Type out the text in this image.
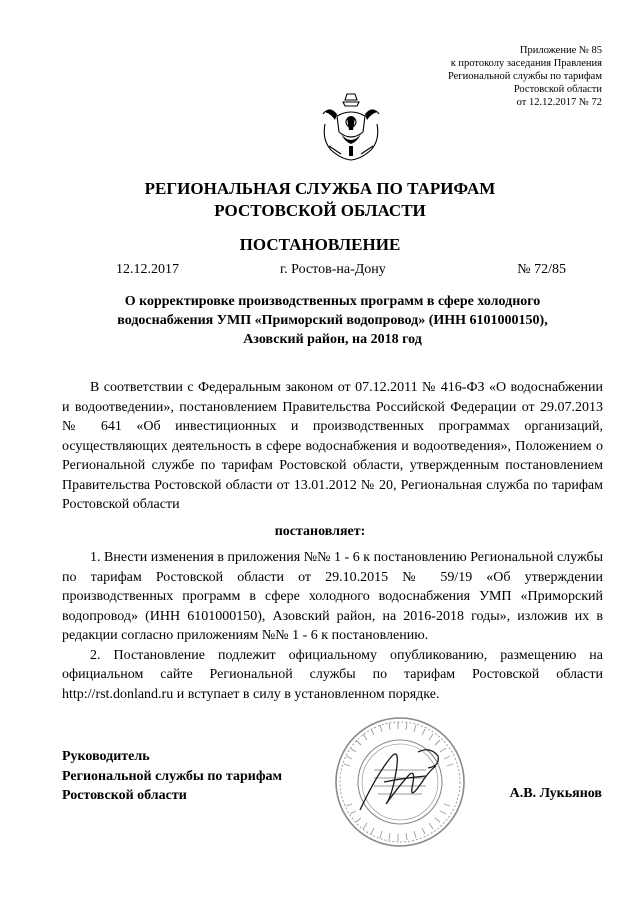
Приложение № 85
к протоколу заседания Правления
Региональной службы по тарифам
Ростовской области
от 12.12.2017 № 72
РЕГИОНАЛЬНАЯ СЛУЖБА ПО ТАРИФАМ
РОСТОВСКОЙ ОБЛАСТИ
ПОСТАНОВЛЕНИЕ
12.12.2017	г. Ростов-на-Дону	№ 72/85
О корректировке производственных программ в сфере холодного
водоснабжения УМП «Приморский водопровод» (ИНН 6101000150),
Азовский район, на 2018 год

В соответствии с Федеральным законом от 07.12.2011 № 416-ФЗ «О водоснабжении и водоотведении», постановлением Правительства Российской Федерации от 29.07.2013 № 641 «Об инвестиционных и производственных программах организаций, осуществляющих деятельность в сфере водоснабжения и водоотведения», Положением о Региональной службе по тарифам Ростовской области, утвержденным постановлением Правительства Ростовской области от 13.01.2012 № 20, Региональная служба по тарифам Ростовской области

постановляет:

1. Внести изменения в приложения №№ 1 - 6 к постановлению Региональной службы по тарифам Ростовской области от 29.10.2015 № 59/19 «Об утверждении производственных программ в сфере холодного водоснабжения УМП «Приморский водопровод» (ИНН 6101000150), Азовский район, на 2016-2018 годы», изложив их в редакции согласно приложениям №№ 1 - 6 к постановлению.

2. Постановление подлежит официальному опубликованию, размещению на официальном сайте Региональной службы по тарифам Ростовской области http://rst.donland.ru и вступает в силу в установленном порядке.

Руководитель
Региональной службы по тарифам
Ростовской области	А.В. Лукьянов
